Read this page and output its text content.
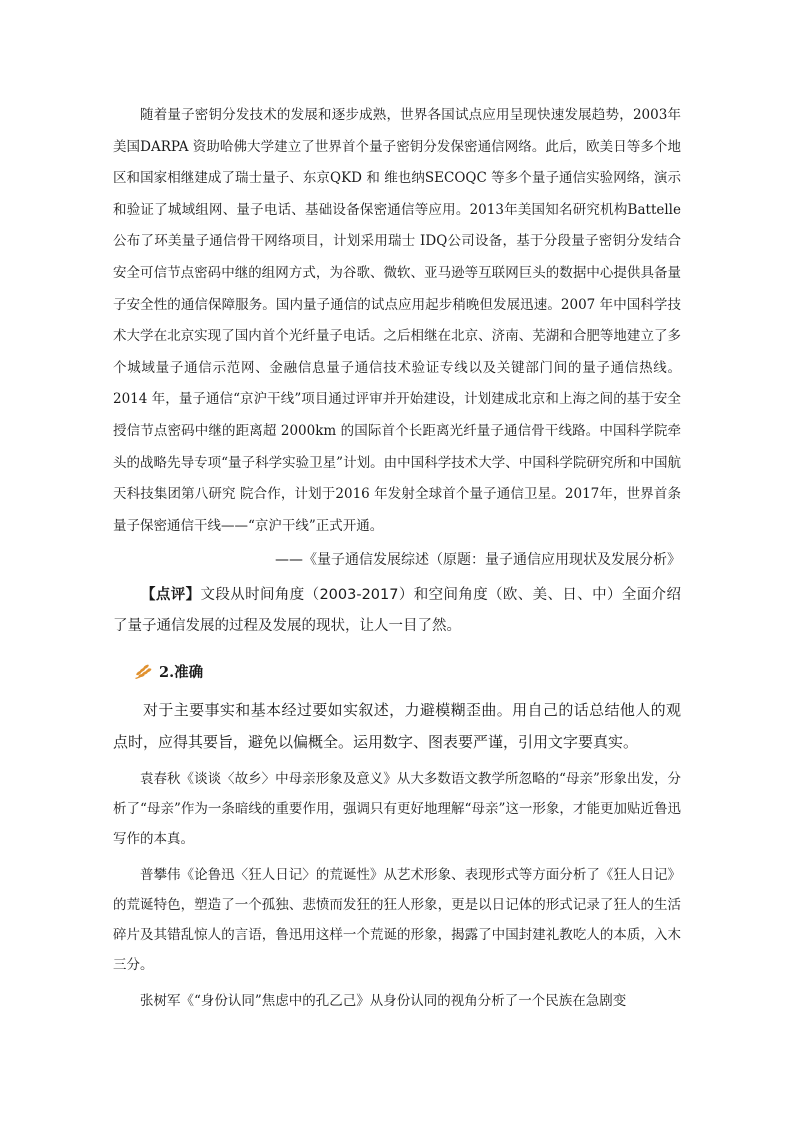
随着量子密钥分发技术的发展和逐步成熟，世界各国试点应用呈现快速发展趋势，2003年美国DARPA 资助哈佛大学建立了世界首个量子密钥分发保密通信网络。此后，欧美日等多个地区和国家相继建成了瑞士量子、东京QKD 和 维也纳SECOQC 等多个量子通信实验网络，演示和验证了城域组网、量子电话、基础设备保密通信等应用。2013年美国知名研究机构Battelle公布了环美量子通信骨干网络项目，计划采用瑞士 IDQ公司设备，基于分段量子密钥分发结合安全可信节点密码中继的组网方式，为谷歌、微软、亚马逊等互联网巨头的数据中心提供具备量子安全性的通信保障服务。国内量子通信的试点应用起步稍晚但发展迅速。2007 年中国科学技术大学在北京实现了国内首个光纤量子电话。之后相继在北京、济南、芜湖和合肥等地建立了多个城域量子通信示范网、金融信息量子通信技术验证专线以及关键部门间的量子通信热线。2014 年，量子通信“京沪干线”项目通过评审并开始建设，计划建成北京和上海之间的基于安全授信节点密码中继的距离超 2000km 的国际首个长距离光纤量子通信骨干线路。中国科学院牵头的战略先导专项“量子科学实验卫星”计划。由中国科学技术大学、中国科学院研究所和中国航天科技集团第八研究 院合作，计划于2016 年发射全球首个量子通信卫星。2017年，世界首条量子保密通信干线——“京沪干线”正式开通。

——《量子通信发展综述（原题：量子通信应用现状及发展分析》

【点评】文段从时间角度（2003-2017）和空间角度（欧、美、日、中）全面介绍了量子通信发展的过程及发展的现状，让人一目了然。

2.准确

对于主要事实和基本经过要如实叙述，力避模糊歪曲。用自己的话总结他人的观点时，应得其要旨，避免以偏概全。运用数字、图表要严谨，引用文字要真实。

袁春秋《谈谈〈故乡〉中母亲形象及意义》从大多数语文教学所忽略的“母亲”形象出发，分析了“母亲”作为一条暗线的重要作用，强调只有更好地理解“母亲”这一形象，才能更加贴近鲁迅写作的本真。

普攀伟《论鲁迅〈狂人日记〉的荒诞性》从艺术形象、表现形式等方面分析了《狂人日记》的荒诞特色，塑造了一个孤独、悲愤而发狂的狂人形象，更是以日记体的形式记录了狂人的生活碎片及其错乱惊人的言语，鲁迅用这样一个荒诞的形象，揭露了中国封建礼教吃人的本质，入木三分。

张树军《“身份认同”焦虑中的孔乙己》从身份认同的视角分析了一个民族在急剧变
